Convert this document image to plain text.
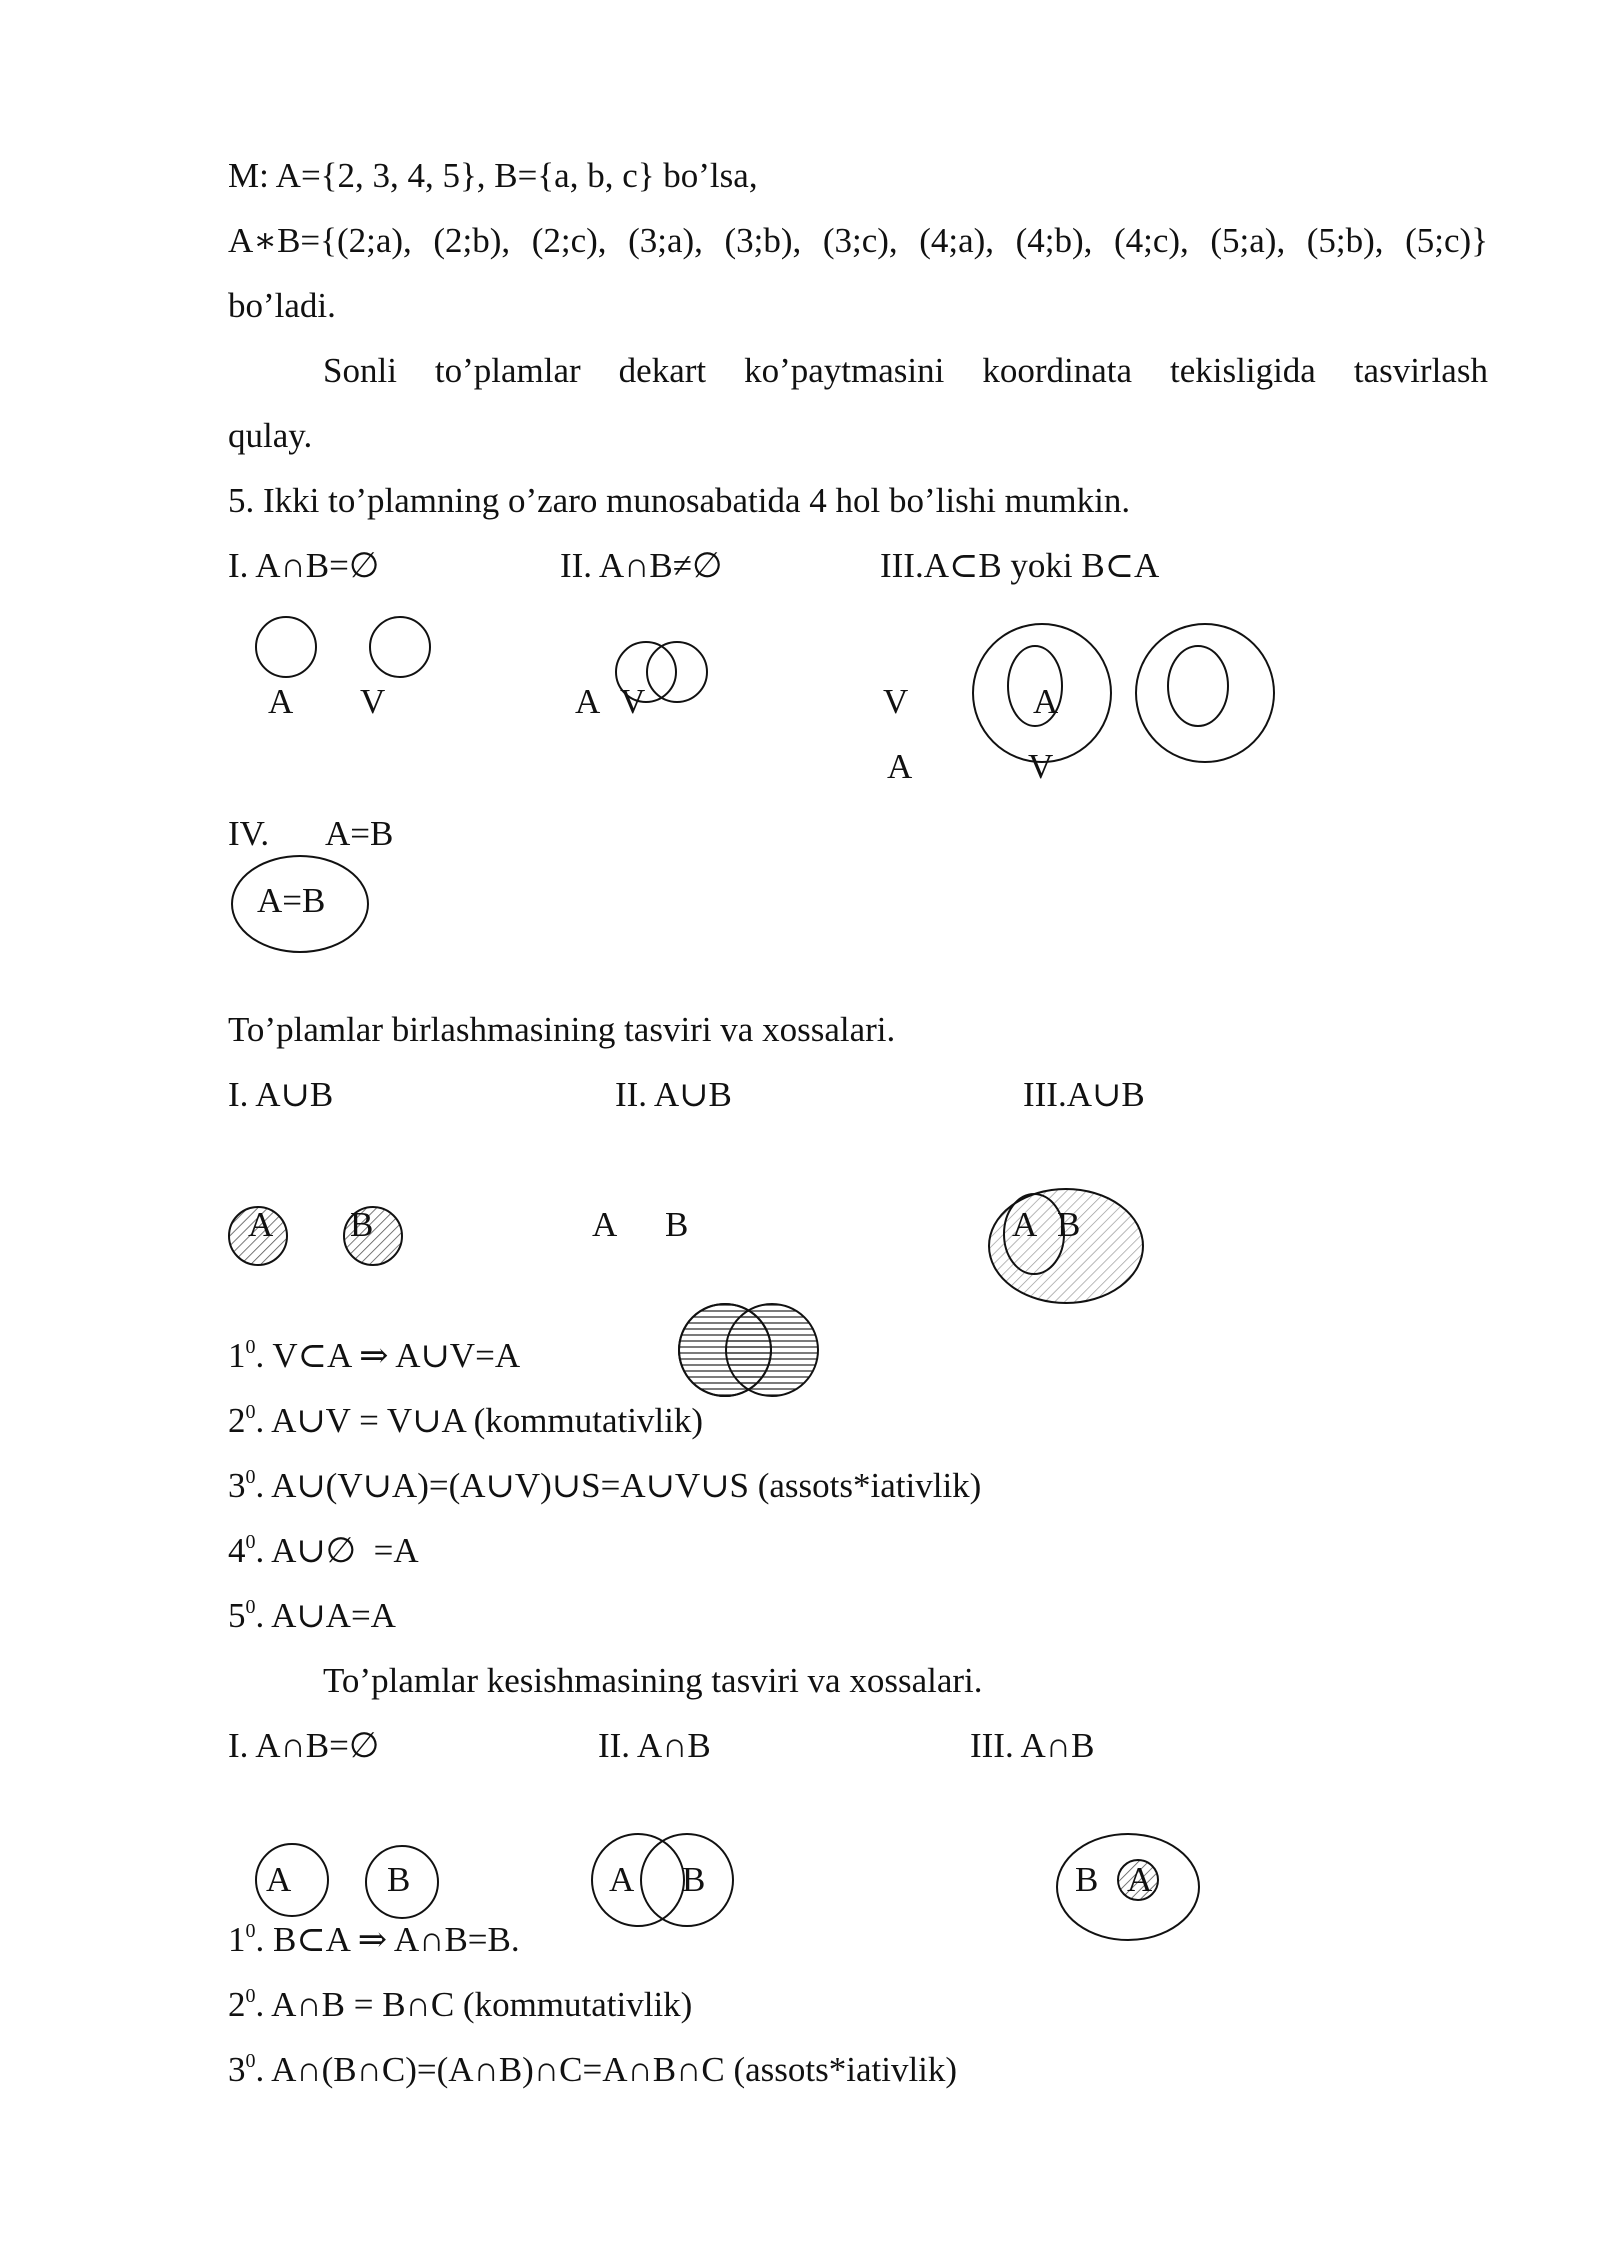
M: A={2, 3, 4, 5}, B={a, b, c} bo’lsa,
A∗B={(2;a), (2;b), (2;c), (3;a), (3;b), (3;c), (4;a), (4;b), (4;c), (5;a), (5;b), (5;c)}
bo’ladi.
Sonli to’plamlar dekart ko’paytmasini koordinata tekisligida tasvirlash
qulay.
5. Ikki to’plamning o’zaro munosabatida 4 hol bo’lishi mumkin.
I. A∩B=∅	II. A∩B≠∅	III.A⊂B yoki B⊂A
A V	A V	V	A
A	V
IV. A=B
A=B
To’plamlar birlashmasining tasviri va xossalari.
I. A∪B	II. A∪B	III.A∪B
A B	A B	A B
$1^0$. V⊂A ⇒ A∪V=A
$2^0$. A∪V = V∪A (kommutativlik)
$3^0$. A∪(V∪A)=(A∪V)∪S=A∪V∪S (assots*iativlik)
$4^0$. A∪∅  =A
$5^0$. A∪A=A
To’plamlar kesishmasining tasviri va xossalari.
I. A∩B=∅	II. A∩B	III. A∩B
A	B	A B	B A
$1^0$. B⊂A ⇒ A∩B=B.
$2^0$. A∩B = B∩C (kommutativlik)
$3^0$. A∩(B∩C)=(A∩B)∩C=A∩B∩C (assots*iativlik)
